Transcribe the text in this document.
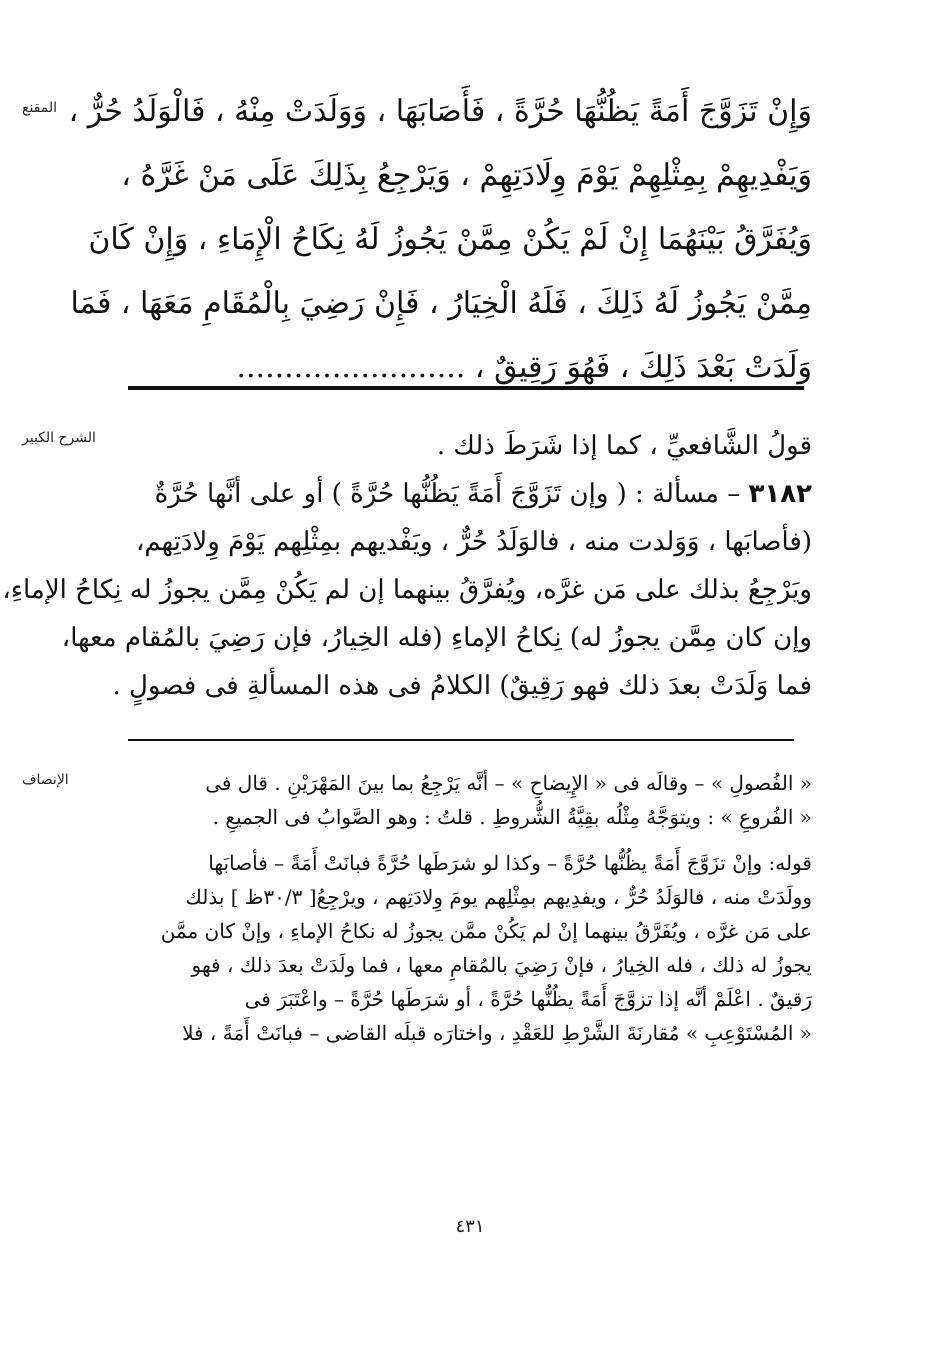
المقنع
الشرح الكبير
الإنصاف
وَإِنْ تَزَوَّجَ أَمَةً يَظُنُّهَا حُرَّةً ، فَأَصَابَهَا ، وَوَلَدَتْ مِنْهُ ، فَالْوَلَدُ حُرٌّ ،
وَيَفْدِيهِمْ بِمِثْلِهِمْ يَوْمَ وِلَادَتِهِمْ ، وَيَرْجِعُ بِذَلِكَ عَلَى مَنْ غَرَّهُ ،
وَيُفَرَّقُ بَيْنَهُمَا إِنْ لَمْ يَكُنْ مِمَّنْ يَجُوزُ لَهُ نِكَاحُ الْإِمَاءِ ، وَإِنْ كَانَ
مِمَّنْ يَجُوزُ لَهُ ذَلِكَ ، فَلَهُ الْخِيَارُ ، فَإِنْ رَضِيَ بِالْمُقَامِ مَعَهَا ، فَمَا
وَلَدَتْ بَعْدَ ذَلِكَ ، فَهُوَ رَقِيقٌ ، ........................
قولُ الشَّافعيِّ ، كما إذا شَرَطَ ذلك .
٣١٨٢ – مسألة : ( وإن تَزَوَّجَ أَمَةً يَظُنُّها حُرَّةً ) أو على أنَّها حُرَّةٌ
(فأصابَها ، وَوَلدت منه ، فالوَلَدُ حُرٌّ ، ويَفْديهم بمِثْلِهم يَوْمَ وِلادَتِهم،
ويَرْجِعُ بذلك على مَن غرَّه، ويُفرَّقُ بينهما إن لم يَكُنْ مِمَّن يجوزُ له نِكاحُ الإماءِ،
وإن كان مِمَّن يجوزُ له) نِكاحُ الإماءِ (فله الخِيارُ، فإن رَضِيَ بالمُقام معها،
فما وَلَدَتْ بعدَ ذلك فهو رَقِيقٌ) الكلامُ فى هذه المسألةِ فى فصولٍ .
« الفُصولِ » – وقالَه فى « الإِيضاحِ » – أنَّه يَرْجِعُ بما بينَ المَهْرَيْنِ . قال فى
« الفُروعِ » : ويتوَجَّهُ مِثْلُه بقِيَّةُ الشُّروطِ . قلتُ : وهو الصَّوابُ فى الجميعِ .
قوله: وإنْ تزَوَّجَ أَمَةً يظُنُّها حُرَّةً – وكذا لو شرَطَها حُرَّةً فبانَتْ أَمَةً – فأصابَها
وولَدَتْ منه ، فالوَلَدُ حُرٌّ ، ويفدِيهم بمِثْلِهم يومَ وِلادَتِهم ، ويرْجِعُ[ ٣٠/٣ظ ] بذلك
على مَن غرَّه ، ويُفَرَّقُ بينهما إنْ لم يَكُنْ ممَّن يجوزُ له نكاحُ الإماءِ ، وإنْ كان ممَّن
يجوزُ له ذلك ، فله الخِيارُ ، فإنْ رَضِيَ بالمُقامِ معها ، فما ولَدَتْ بعدَ ذلك ، فهو
رَقيقٌ . اعْلَمْ أنَّه إذا تزوَّجَ أَمَةً يظُنُّها حُرَّةً ، أو شرَطَها حُرَّةً – واعْتَبَرَ فى
« المُسْتَوْعِبِ » مُقارنَةَ الشَّرْطِ للعَقْدِ ، واختارَه قبلَه القاضى – فبانَتْ أَمَةً ، فلا
٤٣١
